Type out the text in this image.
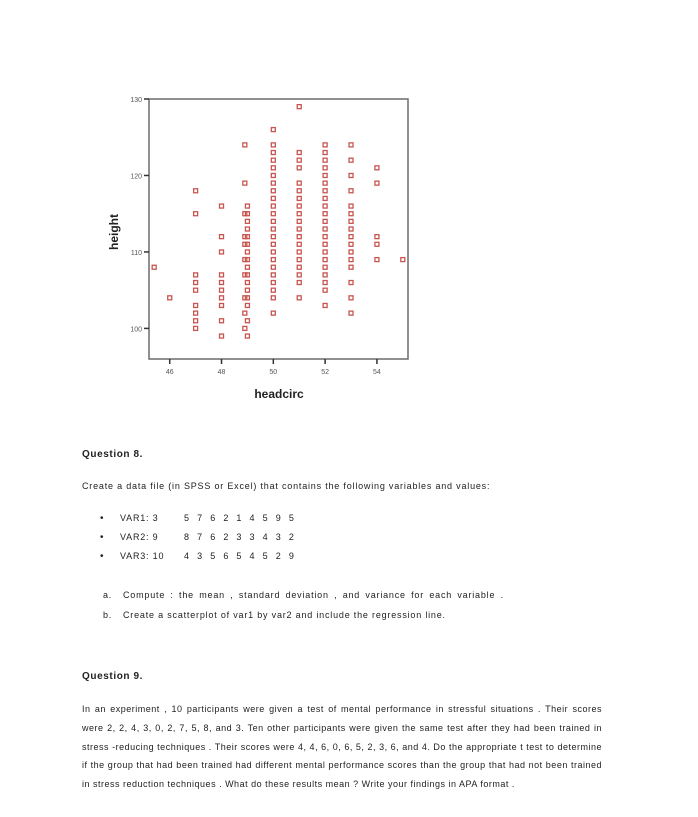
100
110
120
130
46	48	50	52	54
headcirc
height

Question 8.

Create a data file (in SPSS or Excel) that contains the following variables and values:

• VAR1: 3	5 7 6 2 1 4 5 9 5
• VAR2: 9	8 7 6 2 3 3 4 3 2
• VAR3: 10 4 3 5 6 5 4 5 2 9
a. Compute : the mean , standard deviation , and variance for each variable .
b. Create a scatterplot of var1 by var2 and include the regression line.

Question 9.

In an experiment , 10 participants were given a test of mental performance in stressful situations . Their scores were 2, 2, 4, 3, 0, 2, 7, 5, 8, and 3. Ten other participants were given the same test after they had been trained in stress -reducing techniques . Their scores were 4, 4, 6, 0, 6, 5, 2, 3, 6, and 4. Do the appropriate t test to determine if the group that had been trained had different mental performance scores than the group that had not been trained in stress reduction techniques . What do these results mean ? Write your findings in APA format .
